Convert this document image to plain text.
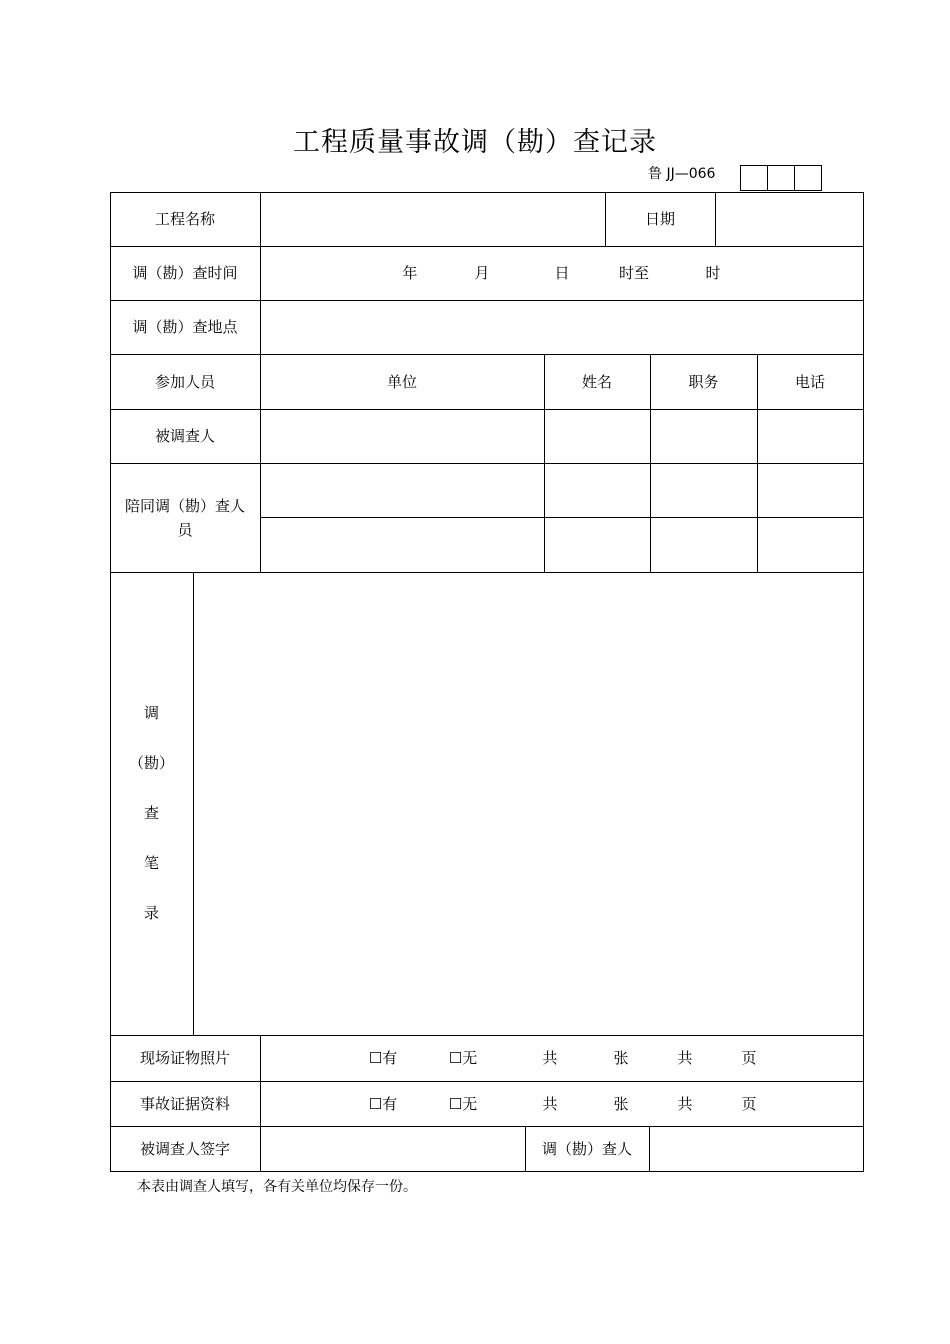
工程质量事故调（勘）查记录
鲁 JJ—066
工程名称	日期
调（勘）查时间	年	月	日	时至	时
调（勘）查地点
参加人员	单位	姓名	职务	电话
被调查人
陪同调（勘）查人员
调
（勘）
查
笔
录
现场证物照片	☐有	☐无	共	张	共	页
事故证据资料	☐有	☐无	共	张	共	页
被调查人签字	调（勘）查人
本表由调查人填写，各有关单位均保存一份。
